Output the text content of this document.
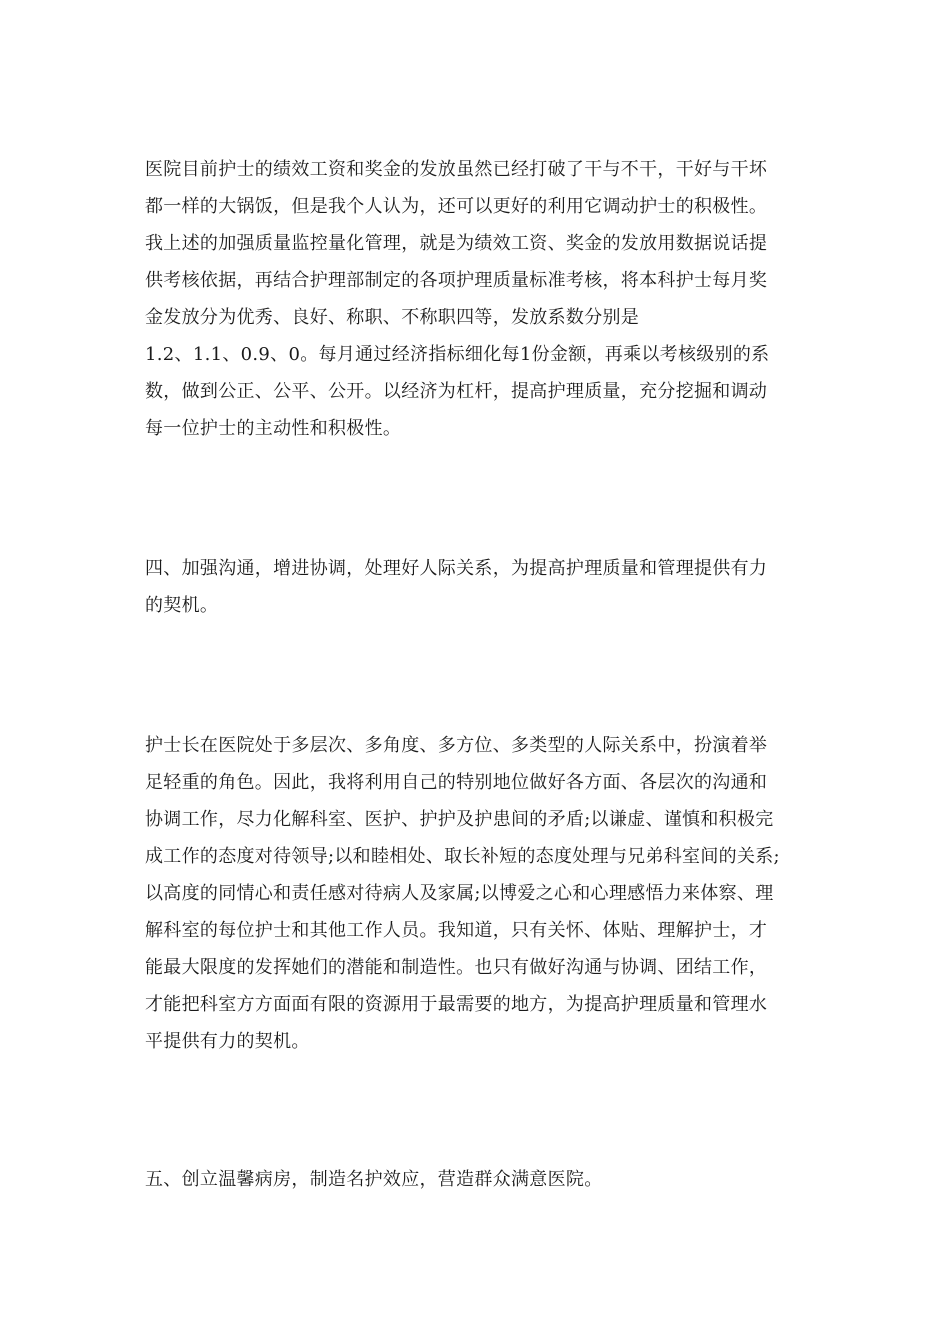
医院目前护士的绩效工资和奖金的发放虽然已经打破了干与不干，干好与干坏
都一样的大锅饭，但是我个人认为，还可以更好的利用它调动护士的积极性。
我上述的加强质量监控量化管理，就是为绩效工资、奖金的发放用数据说话提
供考核依据，再结合护理部制定的各项护理质量标准考核，将本科护士每月奖
金发放分为优秀、良好、称职、不称职四等，发放系数分别是
1.2、1.1、0.9、0。每月通过经济指标细化每1份金额，再乘以考核级别的系
数，做到公正、公平、公开。以经济为杠杆，提高护理质量，充分挖掘和调动
每一位护士的主动性和积极性。
四、加强沟通，增进协调，处理好人际关系，为提高护理质量和管理提供有力
的契机。
护士长在医院处于多层次、多角度、多方位、多类型的人际关系中，扮演着举
足轻重的角色。因此，我将利用自己的特别地位做好各方面、各层次的沟通和
协调工作，尽力化解科室、医护、护护及护患间的矛盾;以谦虚、谨慎和积极完
成工作的态度对待领导;以和睦相处、取长补短的态度处理与兄弟科室间的关系;
以高度的同情心和责任感对待病人及家属;以博爱之心和心理感悟力来体察、理
解科室的每位护士和其他工作人员。我知道，只有关怀、体贴、理解护士，才
能最大限度的发挥她们的潜能和制造性。也只有做好沟通与协调、团结工作，
才能把科室方方面面有限的资源用于最需要的地方，为提高护理质量和管理水
平提供有力的契机。
五、创立温馨病房，制造名护效应，营造群众满意医院。
